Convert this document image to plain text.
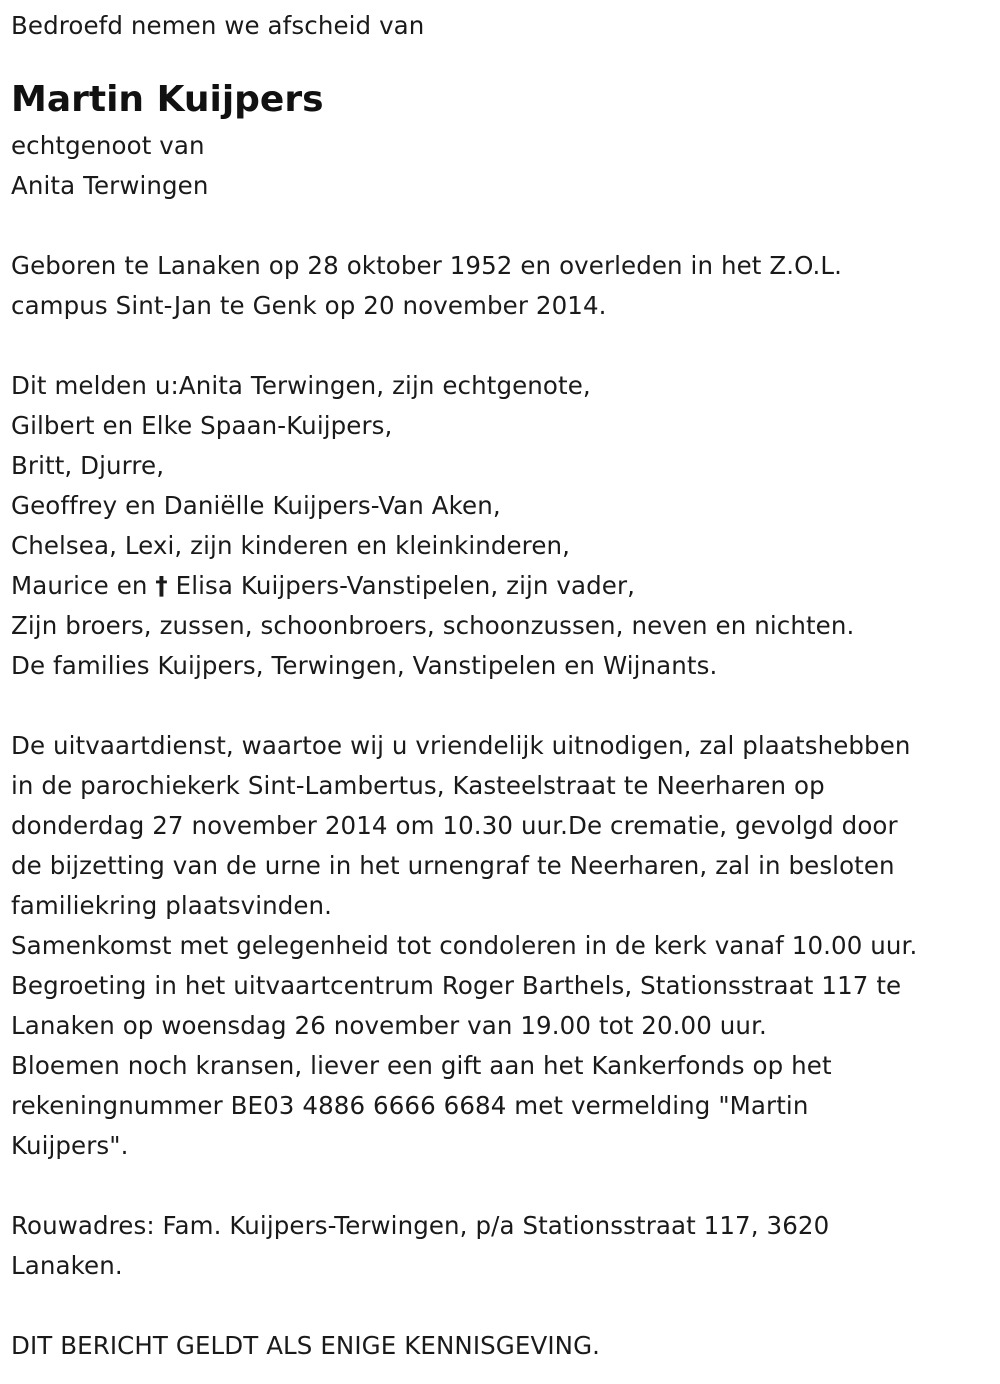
Bedroefd nemen we afscheid van
Martin Kuijpers
echtgenoot van
Anita Terwingen
Geboren te Lanaken op 28 oktober 1952 en overleden in het Z.O.L.
campus Sint-Jan te Genk op 20 november 2014.
Dit melden u:Anita Terwingen, zijn echtgenote,
Gilbert en Elke Spaan-Kuijpers,
Britt, Djurre,
Geoffrey en Daniëlle Kuijpers-Van Aken,
Chelsea, Lexi, zijn kinderen en kleinkinderen,
Maurice en † Elisa Kuijpers-Vanstipelen, zijn vader,
Zijn broers, zussen, schoonbroers, schoonzussen, neven en nichten.
De families Kuijpers, Terwingen, Vanstipelen en Wijnants.
De uitvaartdienst, waartoe wij u vriendelijk uitnodigen, zal plaatshebben
in de parochiekerk Sint-Lambertus, Kasteelstraat te Neerharen op
donderdag 27 november 2014 om 10.30 uur.De crematie, gevolgd door
de bijzetting van de urne in het urnengraf te Neerharen, zal in besloten
familiekring plaatsvinden.
Samenkomst met gelegenheid tot condoleren in de kerk vanaf 10.00 uur.
Begroeting in het uitvaartcentrum Roger Barthels, Stationsstraat 117 te
Lanaken op woensdag 26 november van 19.00 tot 20.00 uur.
Bloemen noch kransen, liever een gift aan het Kankerfonds op het
rekeningnummer BE03 4886 6666 6684 met vermelding "Martin
Kuijpers".
Rouwadres: Fam. Kuijpers-Terwingen, p/a Stationsstraat 117, 3620
Lanaken.
DIT BERICHT GELDT ALS ENIGE KENNISGEVING.
